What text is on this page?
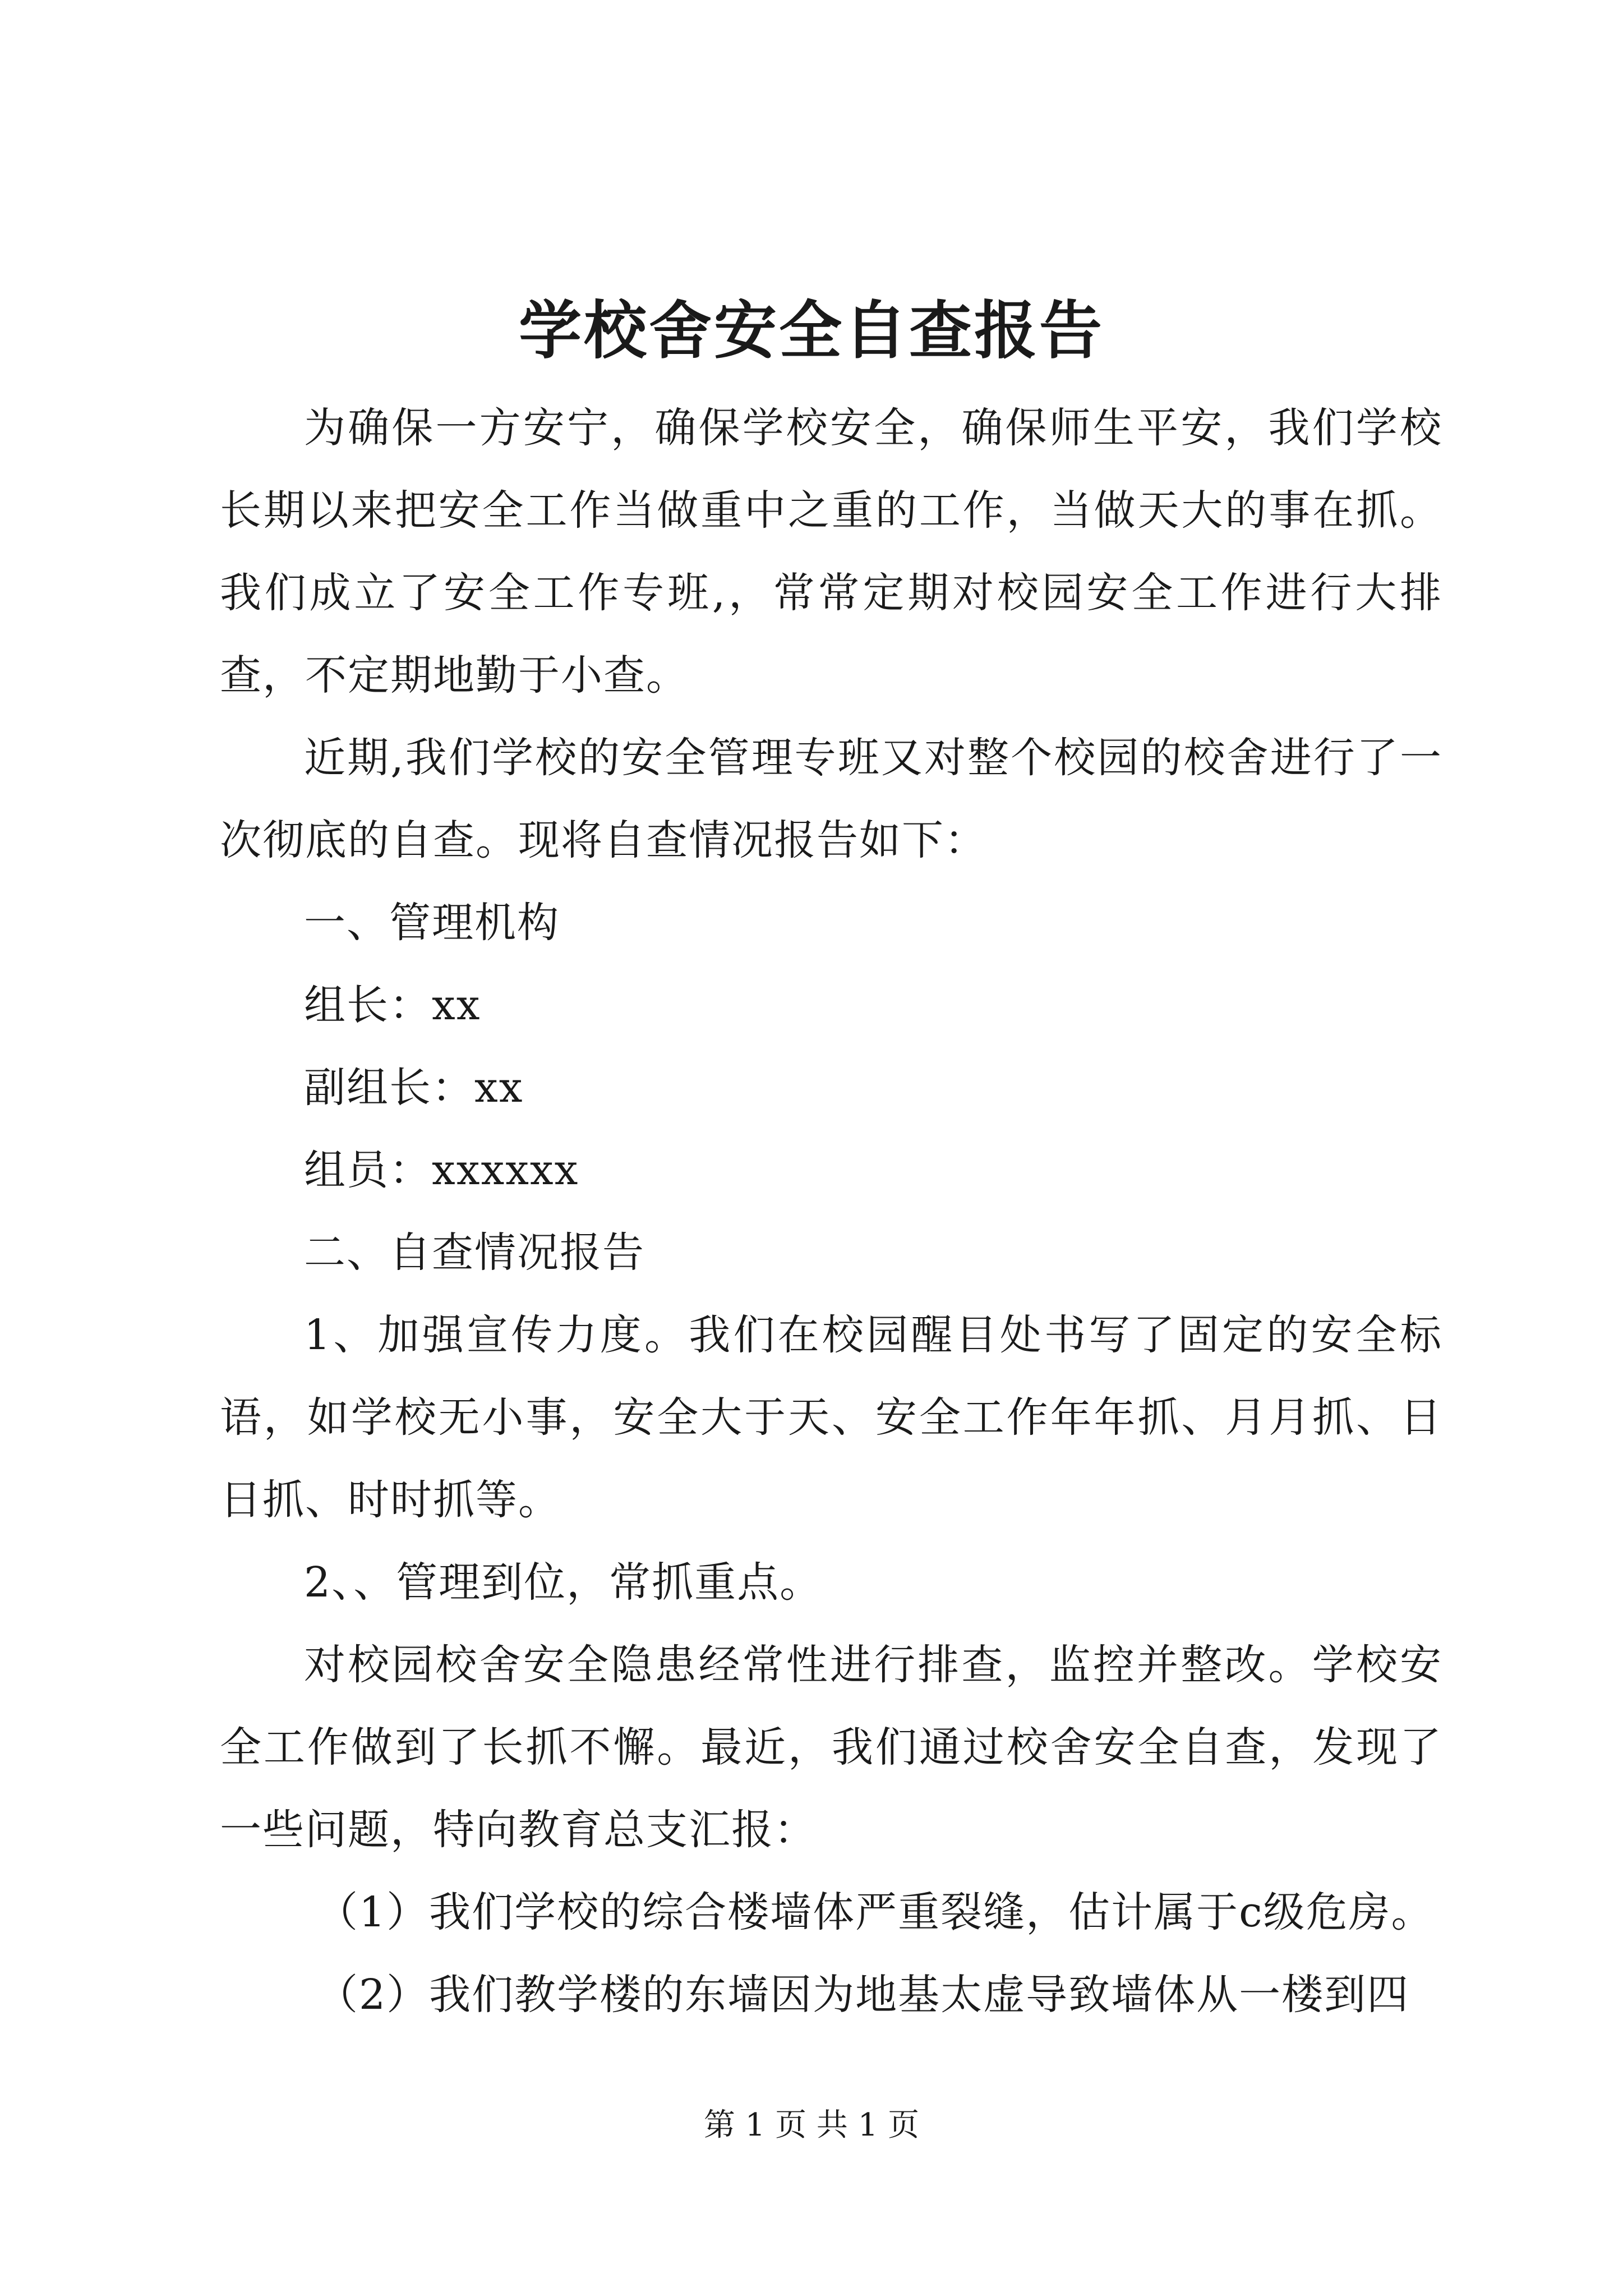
学校舍安全自查报告

为确保一方安宁，确保学校安全，确保师生平安，我们学校长期以来把安全工作当做重中之重的工作，当做天大的事在抓。我们成立了安全工作专班,，常常定期对校园安全工作进行大排查，不定期地勤于小查。

近期,我们学校的安全管理专班又对整个校园的校舍进行了一次彻底的自查。现将自查情况报告如下：

一、管理机构

组长：xx

副组长：xx

组员：xxxxxx

二、自查情况报告

1、加强宣传力度。我们在校园醒目处书写了固定的安全标语，如学校无小事，安全大于天、安全工作年年抓、月月抓、日日抓、时时抓等。

2、、管理到位，常抓重点。

对校园校舍安全隐患经常性进行排查，监控并整改。学校安全工作做到了长抓不懈。最近，我们通过校舍安全自查，发现了一些问题，特向教育总支汇报：

（1）我们学校的综合楼墙体严重裂缝，估计属于c级危房。

（2）我们教学楼的东墙因为地基太虚导致墙体从一楼到四

第 1 页 共 1 页
